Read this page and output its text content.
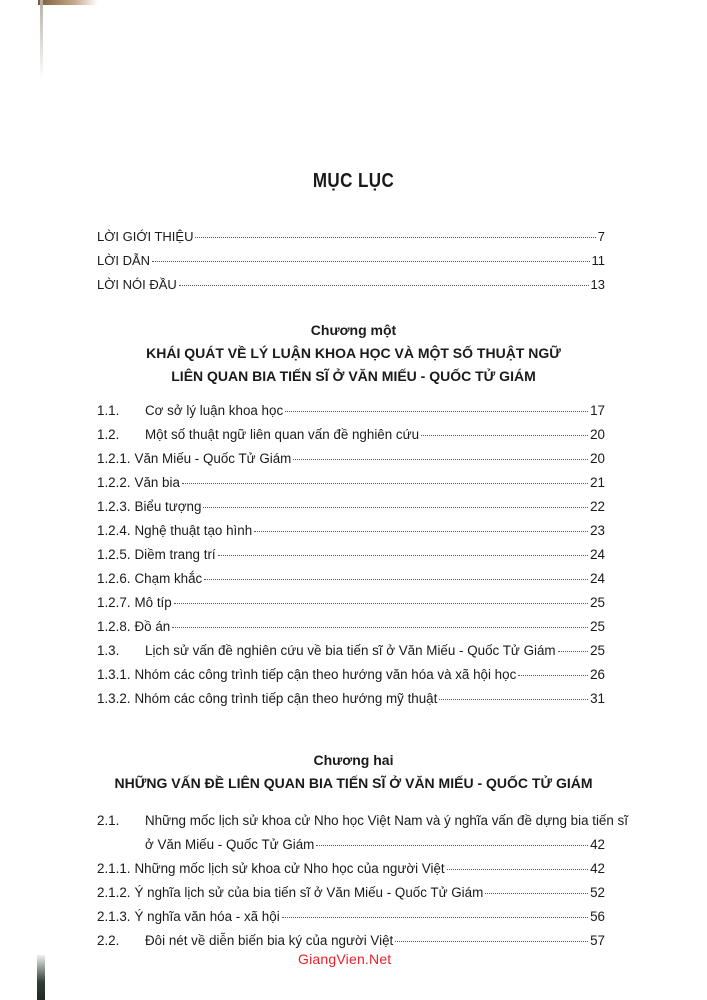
MỤC LỤC
LỜI GIỚI THIỆU	7
LỜI DẪN	11
LỜI NÓI ĐẦU	13
Chương một
KHÁI QUÁT VỀ LÝ LUẬN KHOA HỌC VÀ MỘT SỐ THUẬT NGỮ
LIÊN QUAN BIA TIẾN SĨ Ở VĂN MIẾU - QUỐC TỬ GIÁM
1.1.	Cơ sở lý luận khoa học	17
1.2.	Một số thuật ngữ liên quan vấn đề nghiên cứu	20
1.2.1. Văn Miếu - Quốc Tử Giám	20
1.2.2. Văn bia	21
1.2.3. Biểu tượng	22
1.2.4. Nghệ thuật tạo hình	23
1.2.5. Diềm trang trí	24
1.2.6. Chạm khắc	24
1.2.7. Mô típ	25
1.2.8. Đồ án	25
1.3.	Lịch sử vấn đề nghiên cứu về bia tiến sĩ ở Văn Miếu - Quốc Tử Giám	25
1.3.1. Nhóm các công trình tiếp cận theo hướng văn hóa và xã hội học	26
1.3.2. Nhóm các công trình tiếp cận theo hướng mỹ thuật	31
Chương hai
NHỮNG VẤN ĐỀ LIÊN QUAN BIA TIẾN SĨ Ở VĂN MIẾU - QUỐC TỬ GIÁM
2.1.	Những mốc lịch sử khoa cử Nho học Việt Nam và ý nghĩa vấn đề dựng bia tiến sĩ
ở Văn Miếu - Quốc Tử Giám	42
2.1.1. Những mốc lịch sử khoa cử Nho học của người Việt	42
2.1.2. Ý nghĩa lịch sử của bia tiến sĩ ở Văn Miếu - Quốc Tử Giám	52
2.1.3. Ý nghĩa văn hóa - xã hội	56
2.2.	Đôi nét về diễn biến bia ký của người Việt	57
GiangVien.Net
